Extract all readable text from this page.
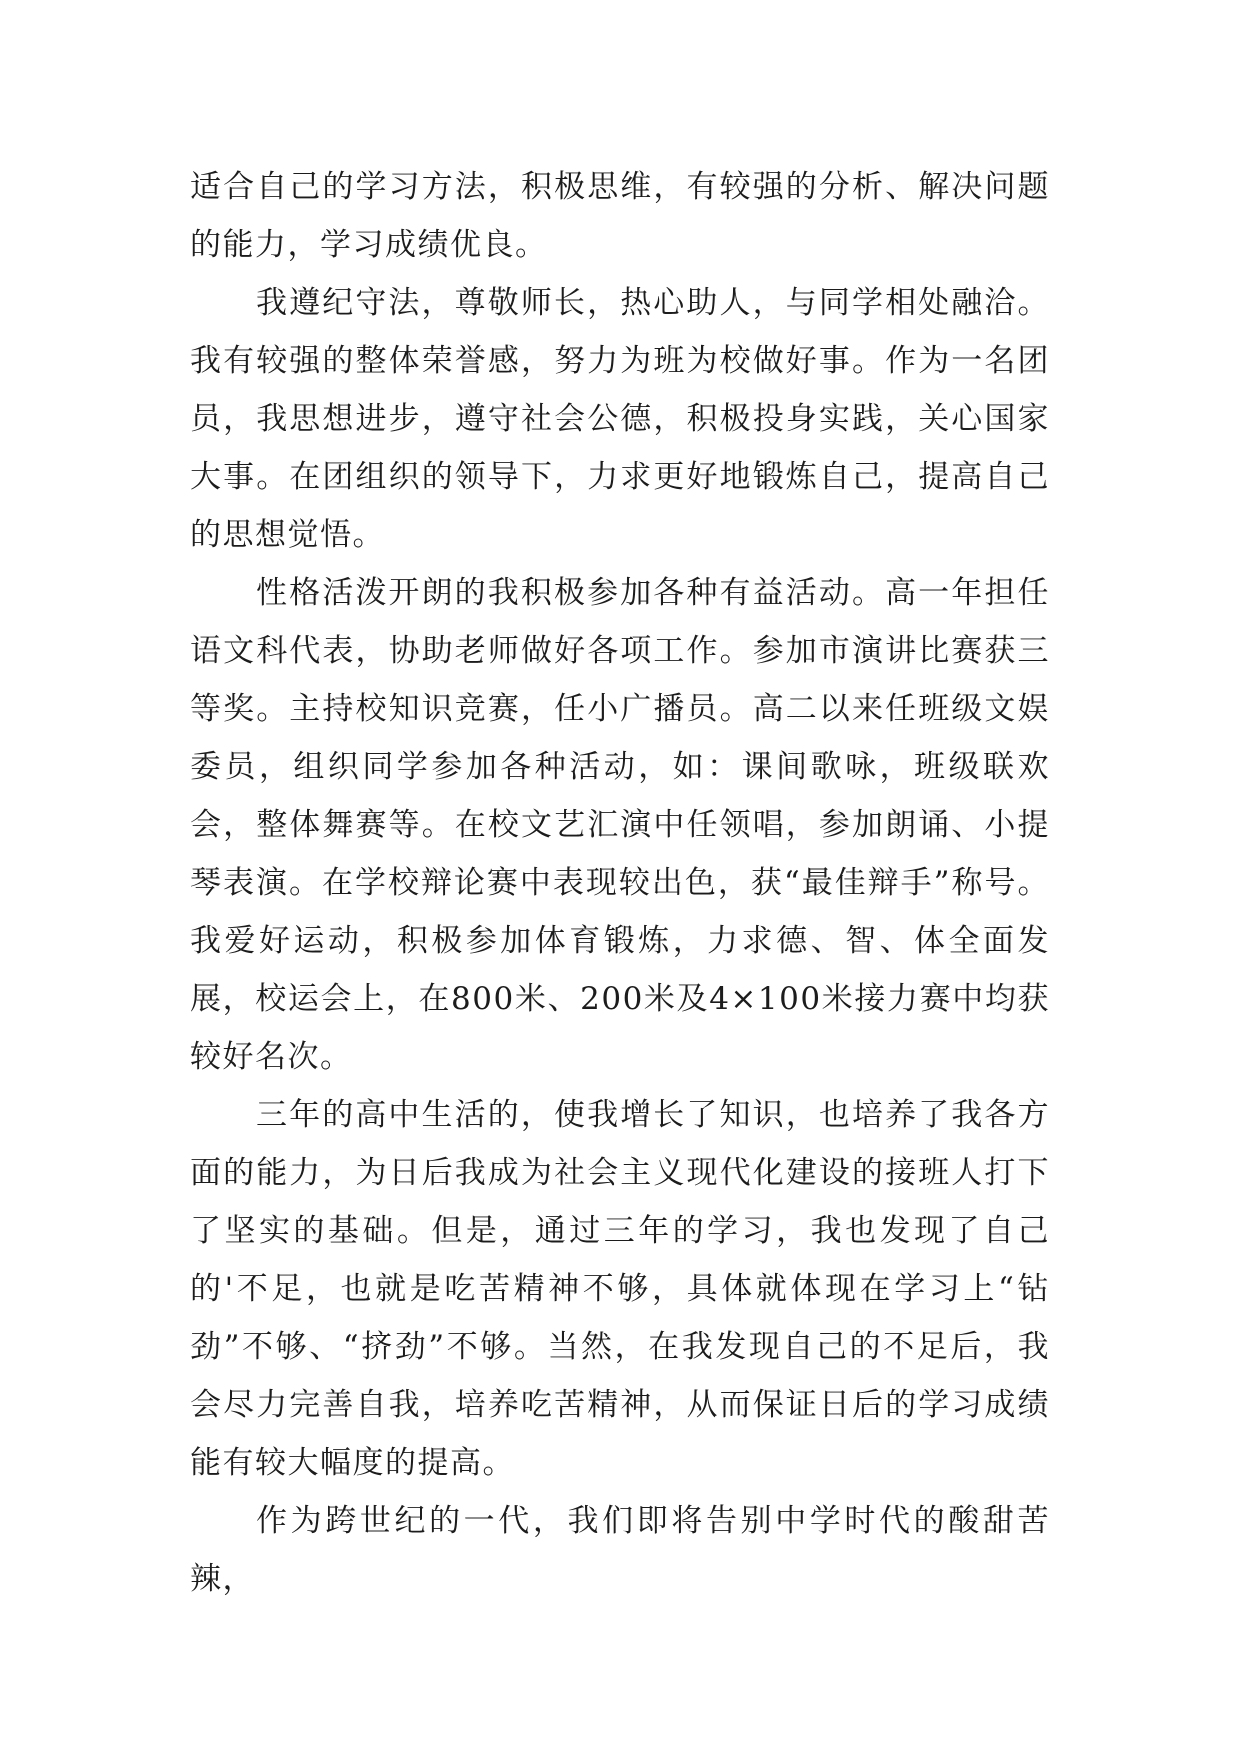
适合自己的学习方法，积极思维，有较强的分析、解决问题的能力，学习成绩优良。

我遵纪守法，尊敬师长，热心助人，与同学相处融洽。我有较强的整体荣誉感，努力为班为校做好事。作为一名团员，我思想进步，遵守社会公德，积极投身实践，关心国家大事。在团组织的领导下，力求更好地锻炼自己，提高自己的思想觉悟。

性格活泼开朗的我积极参加各种有益活动。高一年担任语文科代表，协助老师做好各项工作。参加市演讲比赛获三等奖。主持校知识竞赛，任小广播员。高二以来任班级文娱委员，组织同学参加各种活动，如：课间歌咏，班级联欢会，整体舞赛等。在校文艺汇演中任领唱，参加朗诵、小提琴表演。在学校辩论赛中表现较出色，获“最佳辩手”称号。我爱好运动，积极参加体育锻炼，力求德、智、体全面发展，校运会上，在800米、200米及4×100米接力赛中均获较好名次。

三年的高中生活的，使我增长了知识，也培养了我各方面的能力，为日后我成为社会主义现代化建设的接班人打下了坚实的基础。但是，通过三年的学习，我也发现了自己的'不足，也就是吃苦精神不够，具体就体现在学习上“钻劲”不够、“挤劲”不够。当然，在我发现自己的不足后，我会尽力完善自我，培养吃苦精神，从而保证日后的学习成绩能有较大幅度的提高。

作为跨世纪的一代，我们即将告别中学时代的酸甜苦辣，
